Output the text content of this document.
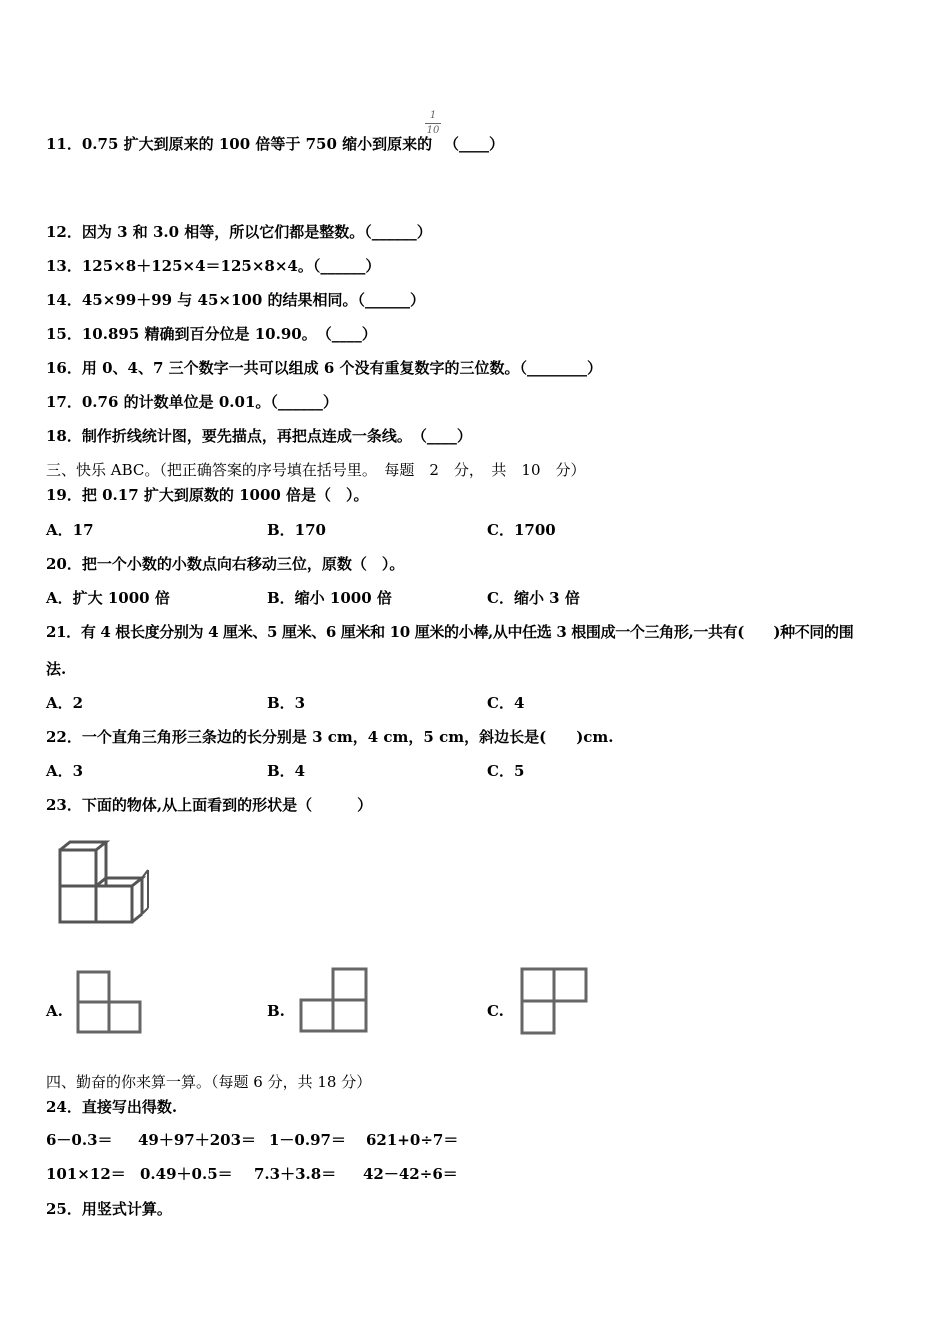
11．0.75 扩大到原来的 100 倍等于 750 缩小到原来的
1
10
（____）
12．因为 3 和 3.0 相等，所以它们都是整数。（______）
13．125×8＋125×4＝125×8×4。（______）
14．45×99＋99 与 45×100 的结果相同。（______）
15．10.895 精确到百分位是 10.90。　（____）
16．用 0、4、7 三个数字一共可以组成 6 个没有重复数字的三位数。（________）
17．0.76 的计数单位是 0.01。（______）
18．制作折线统计图，要先描点，再把点连成一条线。　（____）
三、快乐 ABC。（把正确答案的序号填在括号里。　每题　2　分，　共　10　分）
19．把 0.17 扩大到原数的 1000 倍是（　）。
A．17	B．170	C．1700
20．把一个小数的小数点向右移动三位，原数（　）。
A．扩大 1000 倍	B．缩小 1000 倍	C．缩小 3 倍
21．有 4 根长度分别为 4 厘米、5 厘米、6 厘米和 10 厘米的小棒,从中任选 3 根围成一个三角形,一共有(　　)种不同的围
法.
A．2	B．3	C．4
22．一个直角三角形三条边的长分别是 3 cm，4 cm，5 cm，斜边长是(　　)cm.
A．3	B．4	C．5
23．下面的物体,从上面看到的形状是（　　　）
A.	B.	C.
四、勤奋的你来算一算。（每题 6 分，共 18 分）
24．直接写出得数.
6－0.3＝ 49＋97＋203＝ 1－0.97＝ 621+0÷7＝
101×12＝ 0.49＋0.5＝ 7.3＋3.8＝ 42－42÷6＝
25．用竖式计算。
